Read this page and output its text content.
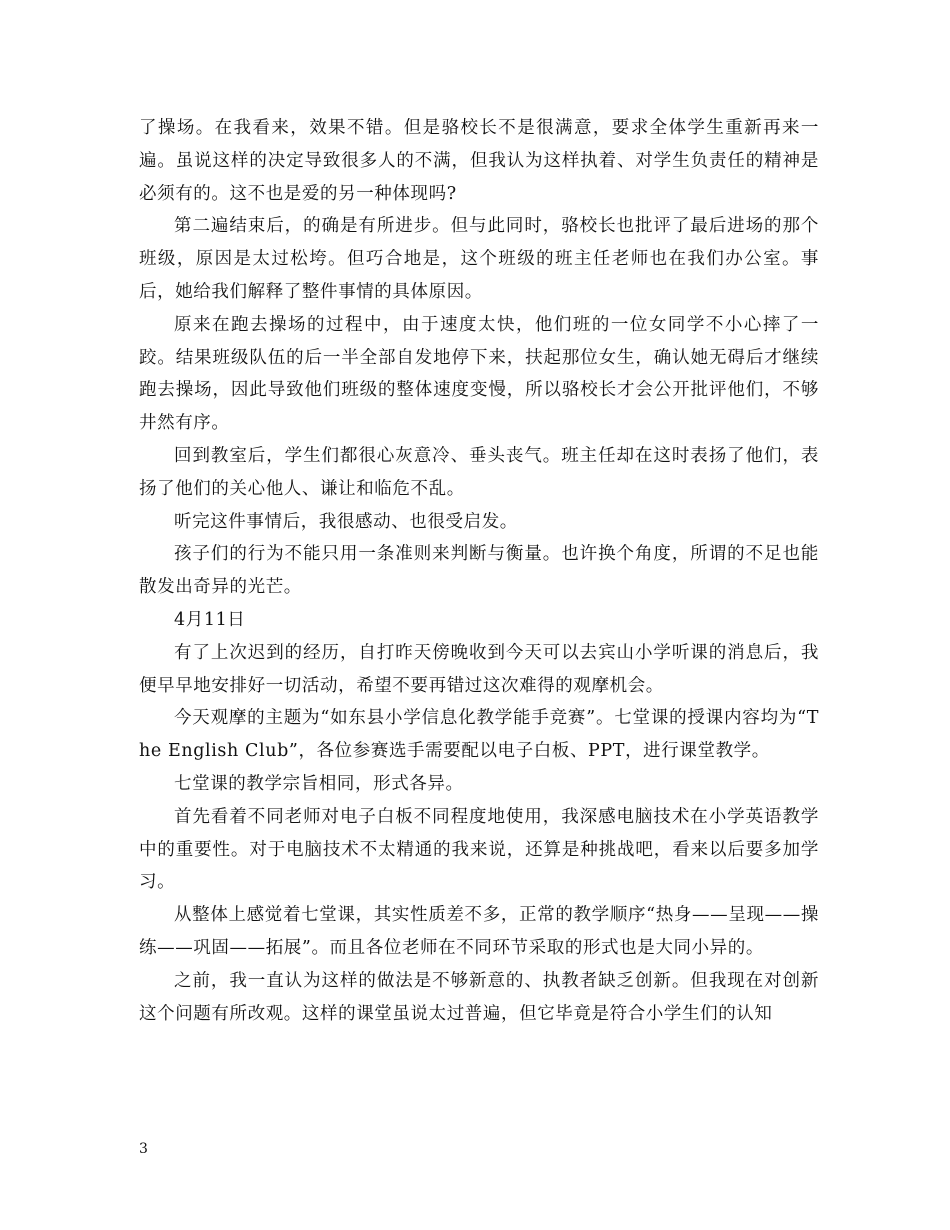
了操场。在我看来，效果不错。但是骆校长不是很满意，要求全体学生重新再来一遍。虽说这样的决定导致很多人的不满，但我认为这样执着、对学生负责任的精神是必须有的。这不也是爱的另一种体现吗?

第二遍结束后，的确是有所进步。但与此同时，骆校长也批评了最后进场的那个班级，原因是太过松垮。但巧合地是，这个班级的班主任老师也在我们办公室。事后，她给我们解释了整件事情的具体原因。

原来在跑去操场的过程中，由于速度太快，他们班的一位女同学不小心摔了一跤。结果班级队伍的后一半全部自发地停下来，扶起那位女生，确认她无碍后才继续跑去操场，因此导致他们班级的整体速度变慢，所以骆校长才会公开批评他们，不够井然有序。

回到教室后，学生们都很心灰意冷、垂头丧气。班主任却在这时表扬了他们，表扬了他们的关心他人、谦让和临危不乱。

听完这件事情后，我很感动、也很受启发。

孩子们的行为不能只用一条准则来判断与衡量。也许换个角度，所谓的不足也能散发出奇异的光芒。

4月11日

有了上次迟到的经历，自打昨天傍晚收到今天可以去宾山小学听课的消息后，我便早早地安排好一切活动，希望不要再错过这次难得的观摩机会。

今天观摩的主题为“如东县小学信息化教学能手竞赛”。七堂课的授课内容均为“The English Club”，各位参赛选手需要配以电子白板、PPT，进行课堂教学。

七堂课的教学宗旨相同，形式各异。

首先看着不同老师对电子白板不同程度地使用，我深感电脑技术在小学英语教学中的重要性。对于电脑技术不太精通的我来说，还算是种挑战吧，看来以后要多加学习。

从整体上感觉着七堂课，其实性质差不多，正常的教学顺序“热身——呈现——操练——巩固——拓展”。而且各位老师在不同环节采取的形式也是大同小异的。

之前，我一直认为这样的做法是不够新意的、执教者缺乏创新。但我现在对创新这个问题有所改观。这样的课堂虽说太过普遍，但它毕竟是符合小学生们的认知

3
